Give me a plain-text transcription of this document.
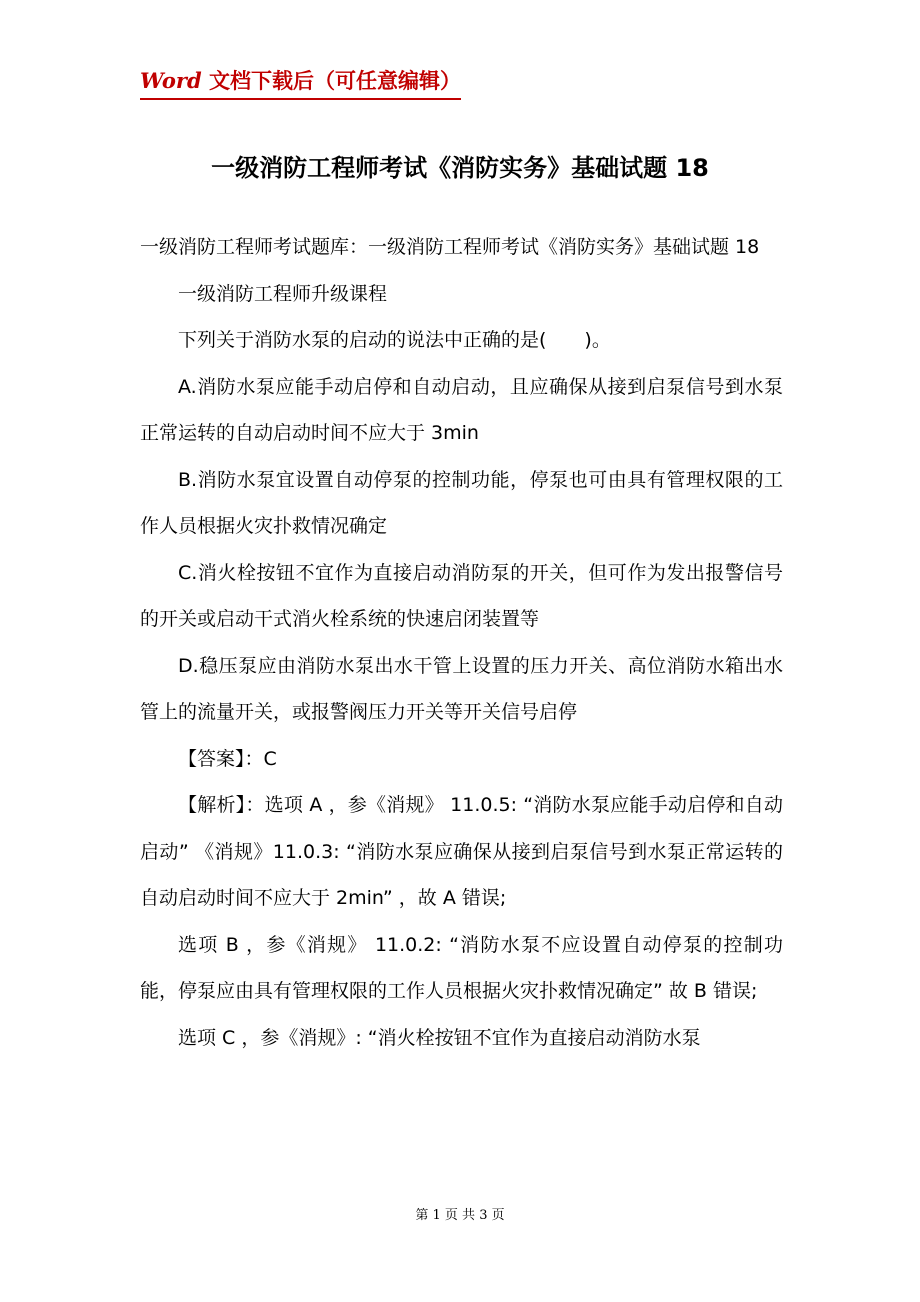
Word 文档下载后（可任意编辑）
一级消防工程师考试《消防实务》基础试题 18

一级消防工程师考试题库：一级消防工程师考试《消防实务》基础试题 18

一级消防工程师升级课程

下列关于消防水泵的启动的说法中正确的是(　　)。

A.消防水泵应能手动启停和自动启动，且应确保从接到启泵信号到水泵正常运转的自动启动时间不应大于 3min

B.消防水泵宜设置自动停泵的控制功能，停泵也可由具有管理权限的工作人员根据火灾扑救情况确定

C.消火栓按钮不宜作为直接启动消防泵的开关，但可作为发出报警信号的开关或启动干式消火栓系统的快速启闭装置等

D.稳压泵应由消防水泵出水干管上设置的压力开关、高位消防水箱出水管上的流量开关，或报警阀压力开关等开关信号启停

【答案】：C

【解析】：选项 A ，参《消规》 11.0.5: “消防水泵应能手动启停和自动启动” 《消规》11.0.3: “消防水泵应确保从接到启泵信号到水泵正常运转的自动启动时间不应大于 2min” ，故 A 错误;

选项 B ，参《消规》 11.0.2: “消防水泵不应设置自动停泵的控制功能，停泵应由具有管理权限的工作人员根据火灾扑救情况确定” 故 B 错误;

选项 C ，参《消规》: “消火栓按钮不宜作为直接启动消防水泵

第 1 页 共 3 页
